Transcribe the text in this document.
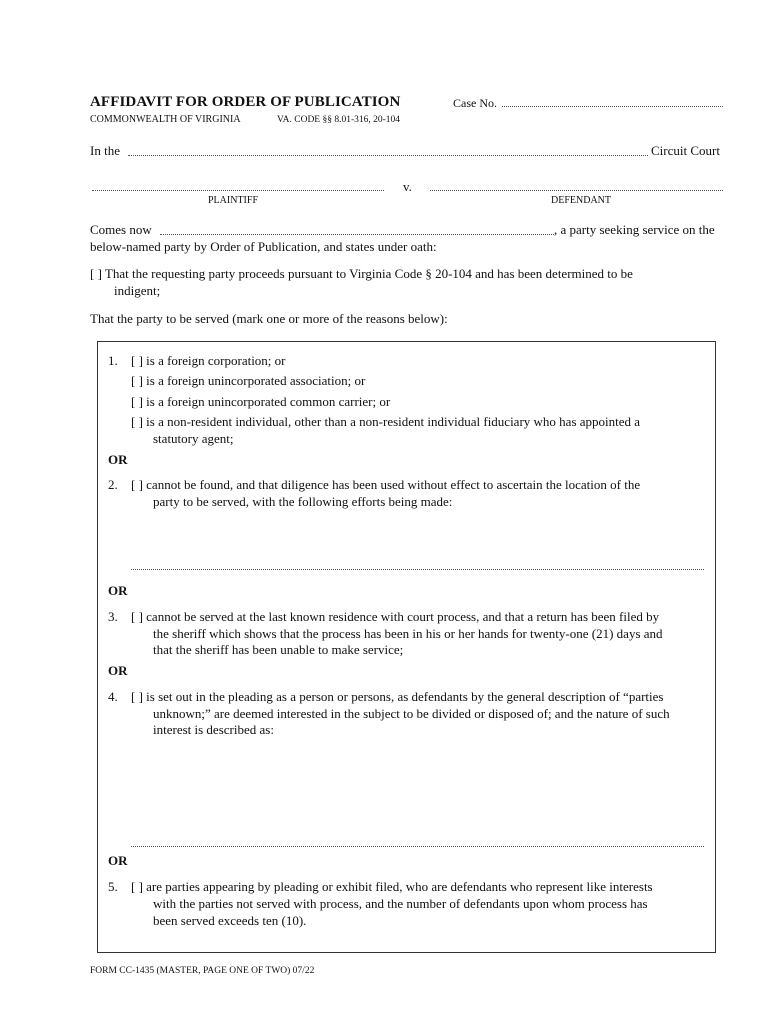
AFFIDAVIT FOR ORDER OF PUBLICATION	Case No.
COMMONWEALTH OF VIRGINIA	VA. CODE §§ 8.01-316, 20-104
In the	Circuit Court
v.
PLAINTIFF	DEFENDANT
Comes now	, a party seeking service on the
below-named party by Order of Publication, and states under oath:
[ ] That the requesting party proceeds pursuant to Virginia Code § 20-104 and has been determined to be
indigent;
That the party to be served (mark one or more of the reasons below):
1. [ ] is a foreign corporation; or
[ ] is a foreign unincorporated association; or
[ ] is a foreign unincorporated common carrier; or
[ ] is a non-resident individual, other than a non-resident individual fiduciary who has appointed a
statutory agent;
OR
2. [ ] cannot be found, and that diligence has been used without effect to ascertain the location of the
party to be served, with the following efforts being made:
OR
3. [ ] cannot be served at the last known residence with court process, and that a return has been filed by
the sheriff which shows that the process has been in his or her hands for twenty-one (21) days and
that the sheriff has been unable to make service;
OR
4. [ ] is set out in the pleading as a person or persons, as defendants by the general description of “parties
unknown;” are deemed interested in the subject to be divided or disposed of; and the nature of such
interest is described as:
OR
5. [ ] are parties appearing by pleading or exhibit filed, who are defendants who represent like interests
with the parties not served with process, and the number of defendants upon whom process has
been served exceeds ten (10).
FORM CC-1435 (MASTER, PAGE ONE OF TWO) 07/22
